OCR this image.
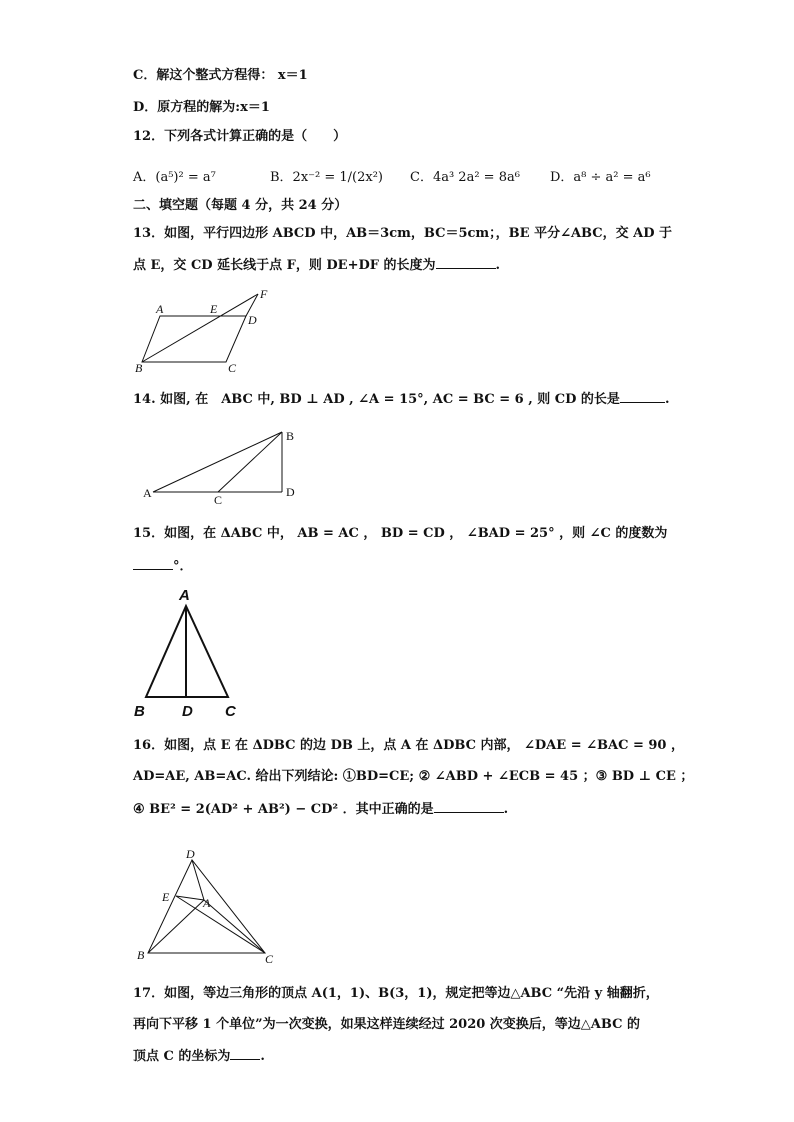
C．解这个整式方程得： x＝1
D．原方程的解为:x＝1
12．下列各式计算正确的是（　　）
A．(a⁵)² = a⁷	B．2x⁻² = 1/(2x²) C．4a³ 2a² = 8a⁶ D．a⁸ ÷ a² = a⁶
二、填空题（每题 4 分，共 24 分）
13．如图，平行四边形 ABCD 中，AB＝3cm，BC＝5cm；，BE 平分∠ABC，交 AD 于
点 E，交 CD 延长线于点 F，则 DE+DF 的长度为	.
14. 如图, 在　ABC 中, BD ⊥ AD , ∠A = 15°, AC = BC = 6 , 则 CD 的长是	.
15．如图，在 ΔABC 中， AB = AC ， BD = CD ， ∠BAD = 25° ，则 ∠C 的度数为
°．
16．如图，点 E 在 ΔDBC 的边 DB 上，点 A 在 ΔDBC 内部， ∠DAE = ∠BAC = 90 ，
AD=AE, AB=AC. 给出下列结论: ①BD=CE; ② ∠ABD + ∠ECB = 45 ；③ BD ⊥ CE ；
④ BE² = 2(AD² + AB²) − CD² ．其中正确的是	.
17．如图，等边三角形的顶点 A(1，1)、B(3，1)，规定把等边△ABC “先沿 y 轴翻折，
再向下平移 1 个单位”为一次变换，如果这样连续经过 2020 次变换后，等边△ABC 的
顶点 C 的坐标为 .
A
B	C
D
E
F
A
B
C
D
A
B D C
D
E	A
B	C
